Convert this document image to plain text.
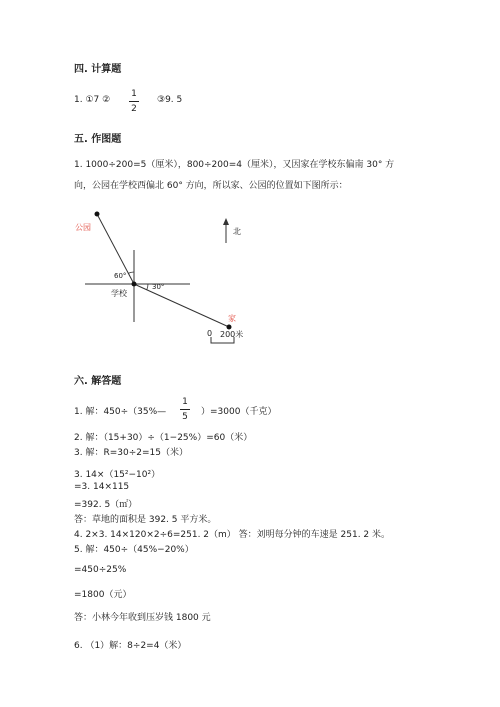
四. 计算题
1. ①7 ②
1
2
③9. 5
五. 作图题
1. 1000÷200=5（厘米），800÷200=4（厘米），又因家在学校东偏南 30° 方
向，公园在学校西偏北 60° 方向，所以家、公园的位置如下图所示：
公园	北
60°
30°
学校
家
0 200米
六. 解答题
1. 解：450÷（35%—
1
5 ）=3000（千克）
2. 解：（15+30）÷（1−25%）=60（米）
3. 解：R=30÷2=15（米）
3. 14×（15²−10²）
=3. 14×115
=392. 5（㎡）
答：草地的面积是 392. 5 平方米。
4. 2×3. 14×120×2÷6=251. 2（m） 答：刘明每分钟的车速是 251. 2 米。
5. 解：450÷（45%−20%）
=450÷25%
=1800（元）
答：小林今年收到压岁钱 1800 元
6. （1）解：8÷2=4（米）
